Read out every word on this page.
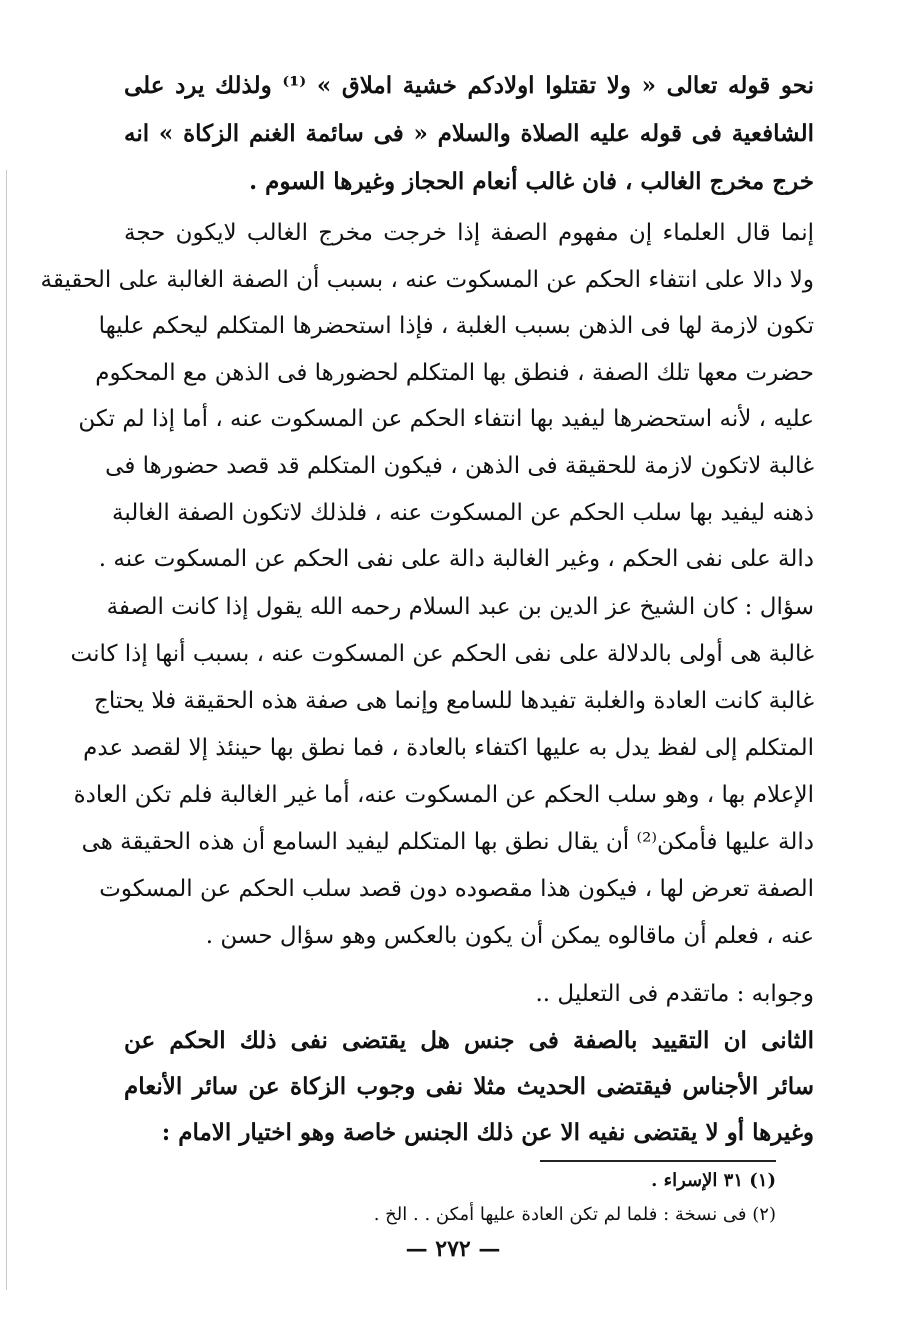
نحو قوله تعالى « ولا تقتلوا اولادكم خشية املاق » ⁽¹⁾ ولذلك يرد على
الشافعية فى قوله عليه الصلاة والسلام « فى سائمة الغنم الزكاة » انه
خرج مخرج الغالب ، فان غالب أنعام الحجاز وغيرها السوم .
إنما قال العلماء إن مفهوم الصفة إذا خرجت مخرج الغالب لايكون حجة
ولا دالا على انتفاء الحكم عن المسكوت عنه ، بسبب أن الصفة الغالبة على الحقيقة
تكون لازمة لها فى الذهن بسبب الغلبة ، فإذا استحضرها المتكلم ليحكم عليها
حضرت معها تلك الصفة ، فنطق بها المتكلم لحضورها فى الذهن مع المحكوم
عليه ، لأنه استحضرها ليفيد بها انتفاء الحكم عن المسكوت عنه ، أما إذا لم تكن
غالبة لاتكون لازمة للحقيقة فى الذهن ، فيكون المتكلم قد قصد حضورها فى
ذهنه ليفيد بها سلب الحكم عن المسكوت عنه ، فلذلك لاتكون الصفة الغالبة
دالة على نفى الحكم ، وغير الغالبة دالة على نفى الحكم عن المسكوت عنه .
سؤال : كان الشيخ عز الدين بن عبد السلام رحمه الله يقول إذا كانت الصفة
غالبة هى أولى بالدلالة على نفى الحكم عن المسكوت عنه ، بسبب أنها إذا كانت
غالبة كانت العادة والغلبة تفيدها للسامع وإنما هى صفة هذه الحقيقة فلا يحتاج
المتكلم إلى لفظ يدل به عليها اكتفاء بالعادة ، فما نطق بها حينئذ إلا لقصد عدم
الإعلام بها ، وهو سلب الحكم عن المسكوت عنه، أما غير الغالبة فلم تكن العادة
دالة عليها فأمكن⁽²⁾ أن يقال نطق بها المتكلم ليفيد السامع أن هذه الحقيقة هى
الصفة تعرض لها ، فيكون هذا مقصوده دون قصد سلب الحكم عن المسكوت
عنه ، فعلم أن ماقالوه يمكن أن يكون بالعكس وهو سؤال حسن .
وجوابه : ماتقدم فى التعليل ..
الثانى ان التقييد بالصفة فى جنس هل يقتضى نفى ذلك الحكم عن
سائر الأجناس فيقتضى الحديث مثلا نفى وجوب الزكاة عن سائر الأنعام
وغيرها أو لا يقتضى نفيه الا عن ذلك الجنس خاصة وهو اختيار الامام :
(١) ٣١ الإسراء .
(٢) فى نسخة : فلما لم تكن العادة عليها أمكن . . الخ .
— ٢٧٢ —
